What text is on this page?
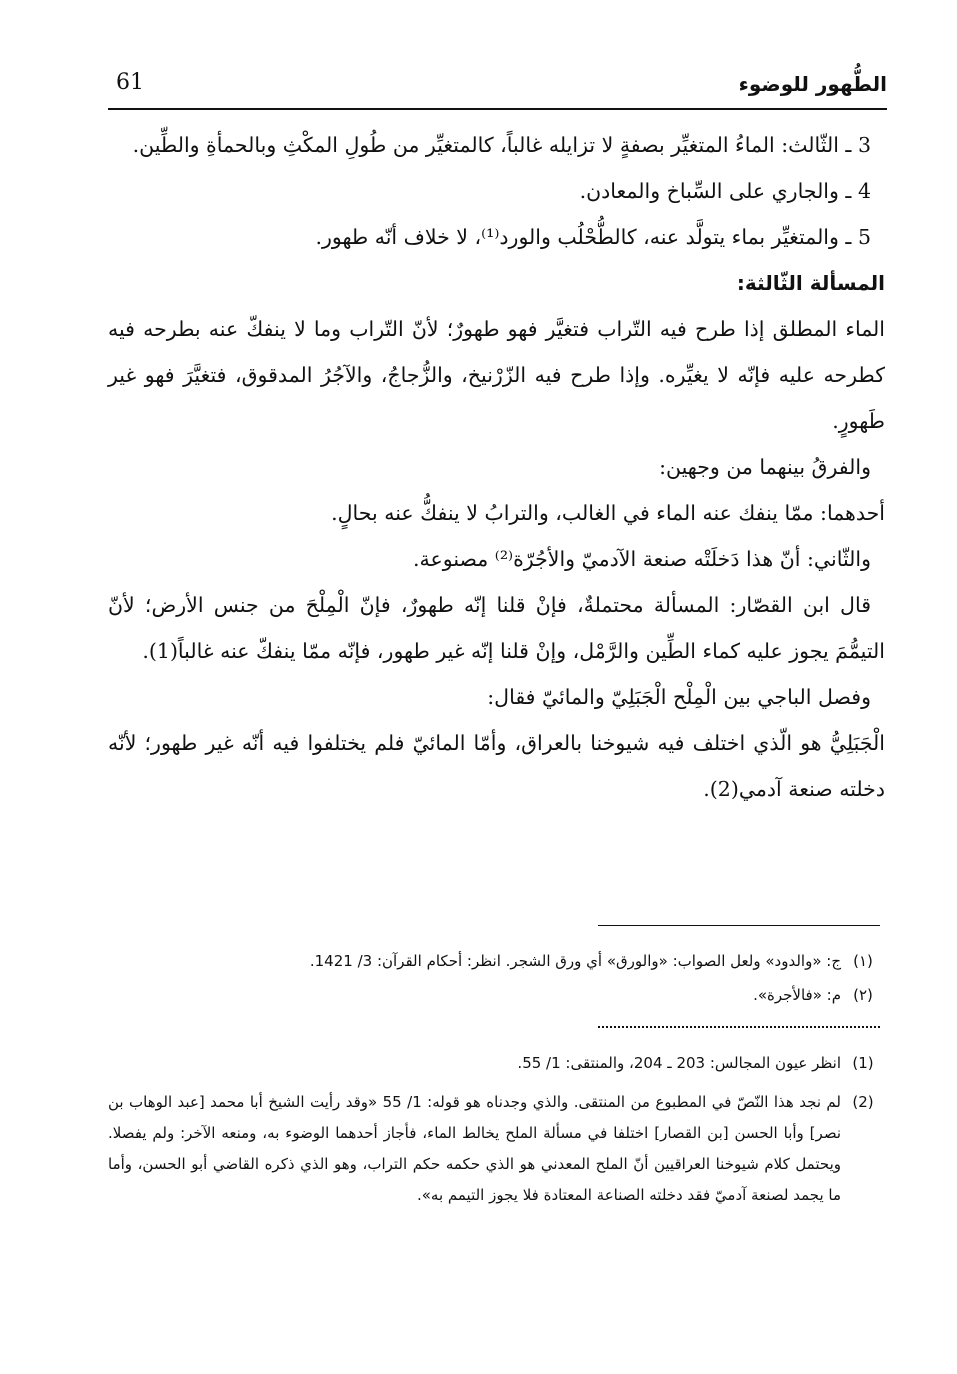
61	الطُّهور للوضوء

3 ـ الثّالث: الماءُ المتغيِّر بصفةٍ لا تزايله غالباً، كالمتغيِّر من طُولِ المكْثِ وبالحمأةِ والطِّين.

4 ـ والجاري على السِّباخ والمعادن.

5 ـ والمتغيِّر بماء يتولَّد عنه، كالطُّحْلُب والورد⁽¹⁾، لا خلاف أنّه طهور.

المسألة الثّالثة:

الماء المطلق إذا طرح فيه التّراب فتغيَّر فهو طهورٌ؛ لأنّ التّراب وما لا ينفكّ عنه بطرحه فيه كطرحه عليه فإنّه لا يغيِّره. وإذا طرح فيه الزّرْنيخ، والزُّجاجُ، والآجُرُ المدقوق، فتغيَّرَ فهو غير طَهورٍ.

والفرقُ بينهما من وجهين:

أحدهما: ممّا ينفك عنه الماء في الغالب، والترابُ لا ينفكُّ عنه بحالٍ.

والثّاني: أنّ هذا دَخلَتْه صنعة الآدميّ والأجُرّة⁽²⁾ مصنوعة.

قال ابن القصّار: المسألة محتملةٌ، فإنْ قلنا إنّه طهورٌ، فإنّ الْمِلْحَ من جنس الأرض؛ لأنّ التيمُّمَ يجوز عليه كماء الطِّين والرَّمْل، وإنْ قلنا إنّه غير طهور، فإنّه ممّا ينفكّ عنه غالباً(1).

وفصل الباجي بين الْمِلْح الْجَبَلِيّ والمائيّ فقال:

الْجَبَلِيُّ هو الّذي اختلف فيه شيوخنا بالعراق، وأمّا المائيّ فلم يختلفوا فيه أنّه غير طهور؛ لأنّه دخلته صنعة آدمي(2).

(١)
ج: «والدود» ولعل الصواب: «والورق» أي ورق الشجر. انظر: أحكام القرآن: 3/ 1421.
(٢)
م: «فالأجرة».
(1)
انظر عيون المجالس: 203 ـ 204، والمنتقى: 1/ 55.
(2)
لم نجد هذا النّصّ في المطبوع من المنتقى. والذي وجدناه هو قوله: 1/ 55 «وقد رأيت الشيخ أبا محمد [عبد الوهاب بن نصر] وأبا الحسن [بن القصار] اختلفا في مسألة الملح يخالط الماء، فأجاز أحدهما الوضوء به، ومنعه الآخر: ولم يفصلا. ويحتمل كلام شيوخنا العراقيين أنّ الملح المعدني هو الذي حكمه حكم التراب، وهو الذي ذكره القاضي أبو الحسن، وأما ما يجمد لصنعة آدميّ فقد دخلته الصناعة المعتادة فلا يجوز التيمم به».
